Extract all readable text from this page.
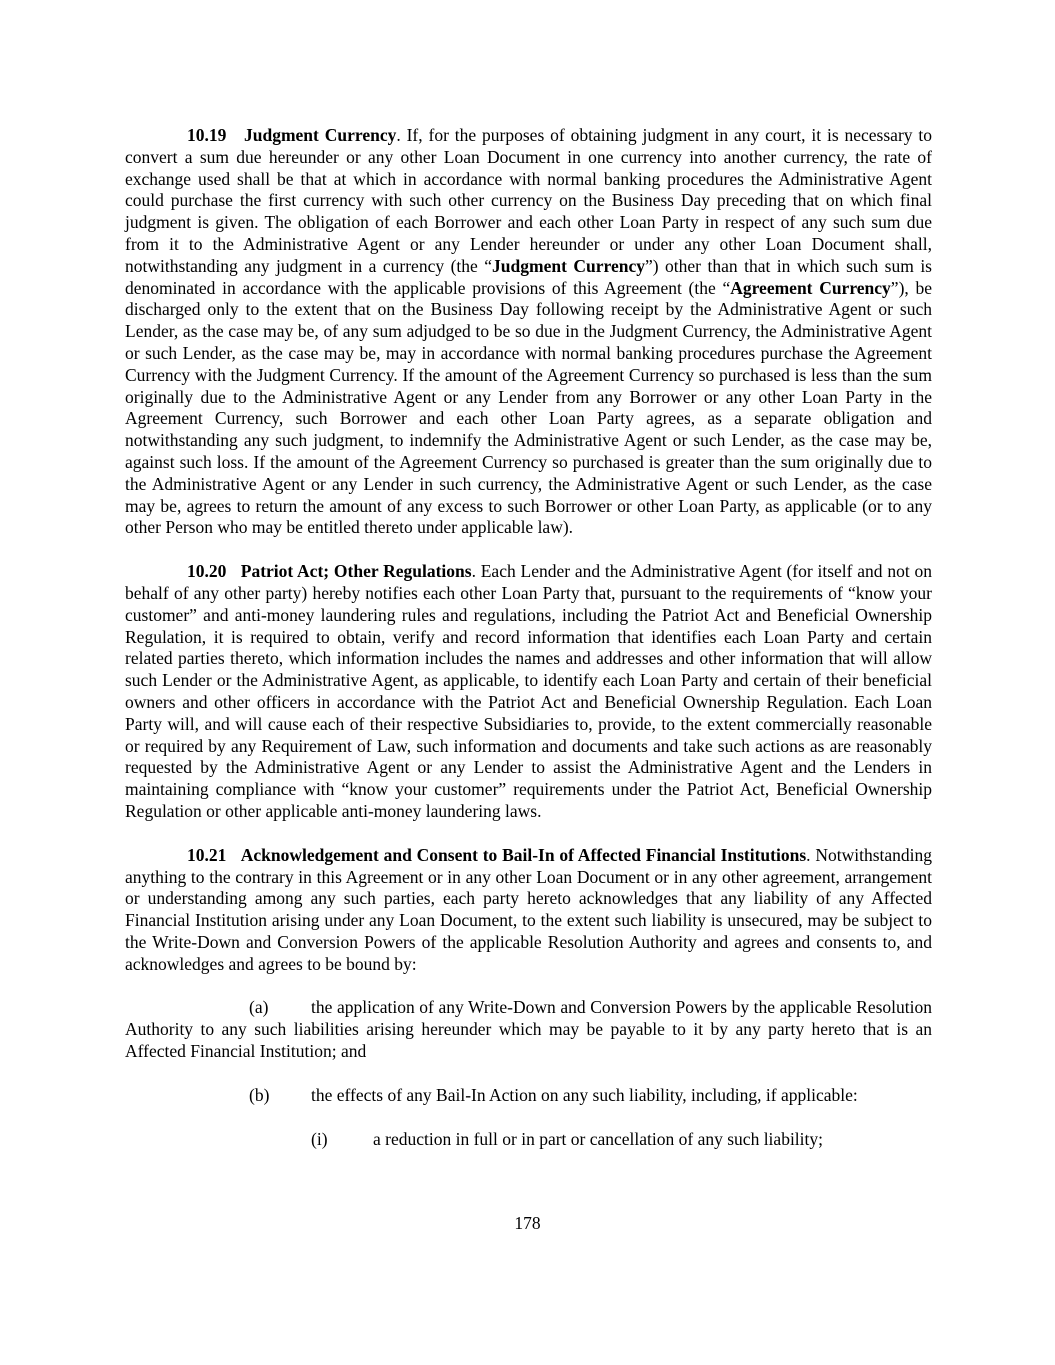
10.19 Judgment Currency. If, for the purposes of obtaining judgment in any court, it is necessary to convert a sum due hereunder or any other Loan Document in one currency into another currency, the rate of exchange used shall be that at which in accordance with normal banking procedures the Administrative Agent could purchase the first currency with such other currency on the Business Day preceding that on which final judgment is given. The obligation of each Borrower and each other Loan Party in respect of any such sum due from it to the Administrative Agent or any Lender hereunder or under any other Loan Document shall, notwithstanding any judgment in a currency (the “Judgment Currency”) other than that in which such sum is denominated in accordance with the applicable provisions of this Agreement (the “Agreement Currency”), be discharged only to the extent that on the Business Day following receipt by the Administrative Agent or such Lender, as the case may be, of any sum adjudged to be so due in the Judgment Currency, the Administrative Agent or such Lender, as the case may be, may in accordance with normal banking procedures purchase the Agreement Currency with the Judgment Currency. If the amount of the Agreement Currency so purchased is less than the sum originally due to the Administrative Agent or any Lender from any Borrower or any other Loan Party in the Agreement Currency, such Borrower and each other Loan Party agrees, as a separate obligation and notwithstanding any such judgment, to indemnify the Administrative Agent or such Lender, as the case may be, against such loss. If the amount of the Agreement Currency so purchased is greater than the sum originally due to the Administrative Agent or any Lender in such currency, the Administrative Agent or such Lender, as the case may be, agrees to return the amount of any excess to such Borrower or other Loan Party, as applicable (or to any other Person who may be entitled thereto under applicable law).

10.20 Patriot Act; Other Regulations. Each Lender and the Administrative Agent (for itself and not on behalf of any other party) hereby notifies each other Loan Party that, pursuant to the requirements of “know your customer” and anti-money laundering rules and regulations, including the Patriot Act and Beneficial Ownership Regulation, it is required to obtain, verify and record information that identifies each Loan Party and certain related parties thereto, which information includes the names and addresses and other information that will allow such Lender or the Administrative Agent, as applicable, to identify each Loan Party and certain of their beneficial owners and other officers in accordance with the Patriot Act and Beneficial Ownership Regulation. Each Loan Party will, and will cause each of their respective Subsidiaries to, provide, to the extent commercially reasonable or required by any Requirement of Law, such information and documents and take such actions as are reasonably requested by the Administrative Agent or any Lender to assist the Administrative Agent and the Lenders in maintaining compliance with “know your customer” requirements under the Patriot Act, Beneficial Ownership Regulation or other applicable anti-money laundering laws.

10.21 Acknowledgement and Consent to Bail-In of Affected Financial Institutions. Notwithstanding anything to the contrary in this Agreement or in any other Loan Document or in any other agreement, arrangement or understanding among any such parties, each party hereto acknowledges that any liability of any Affected Financial Institution arising under any Loan Document, to the extent such liability is unsecured, may be subject to the Write-Down and Conversion Powers of the applicable Resolution Authority and agrees and consents to, and acknowledges and agrees to be bound by:

(a) the application of any Write-Down and Conversion Powers by the applicable Resolution Authority to any such liabilities arising hereunder which may be payable to it by any party hereto that is an Affected Financial Institution; and

(b) the effects of any Bail-In Action on any such liability, including, if applicable:

(i)	a reduction in full or in part or cancellation of any such liability;

178
